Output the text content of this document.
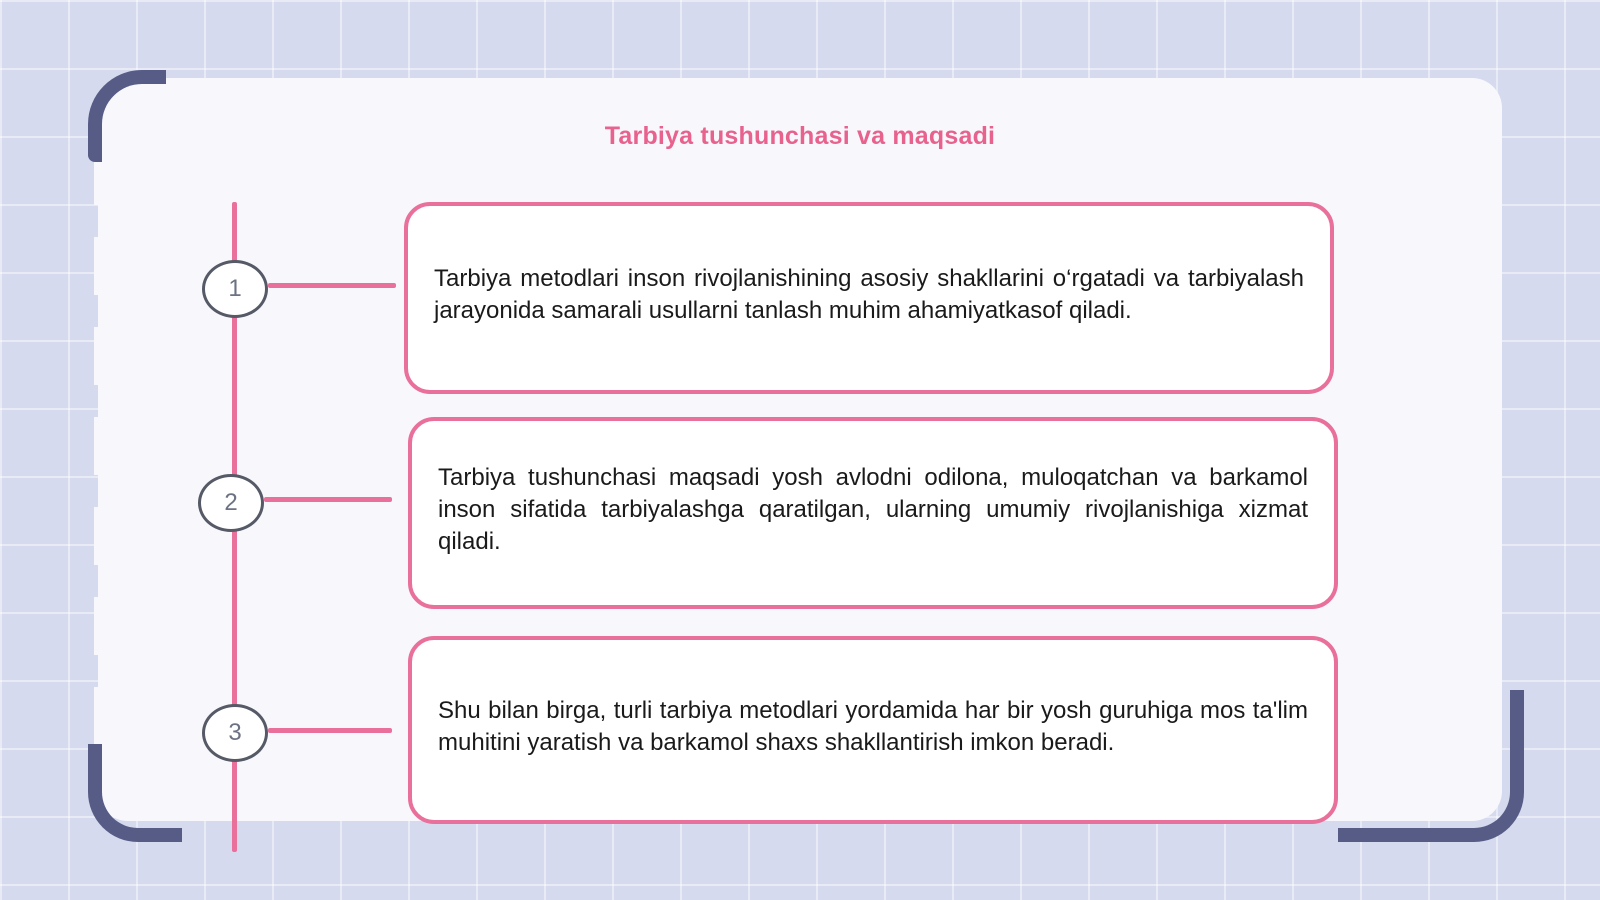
Tarbiya tushunchasi va maqsadi
1	Tarbiya metodlari inson rivojlanishining asosiy shakllarini o‘rgatadi va tarbiyalash jarayonida samarali usullarni tanlash muhim ahamiyatkasof qiladi.

2

Tarbiya tushunchasi maqsadi yosh avlodni odilona, muloqatchan va barkamol inson sifatida tarbiyalashga qaratilgan, ularning umumiy rivojlanishiga xizmat qiladi.

3

Shu bilan birga, turli tarbiya metodlari yordamida har bir yosh guruhiga mos ta'lim muhitini yaratish va barkamol shaxs shakllantirish imkon beradi.
